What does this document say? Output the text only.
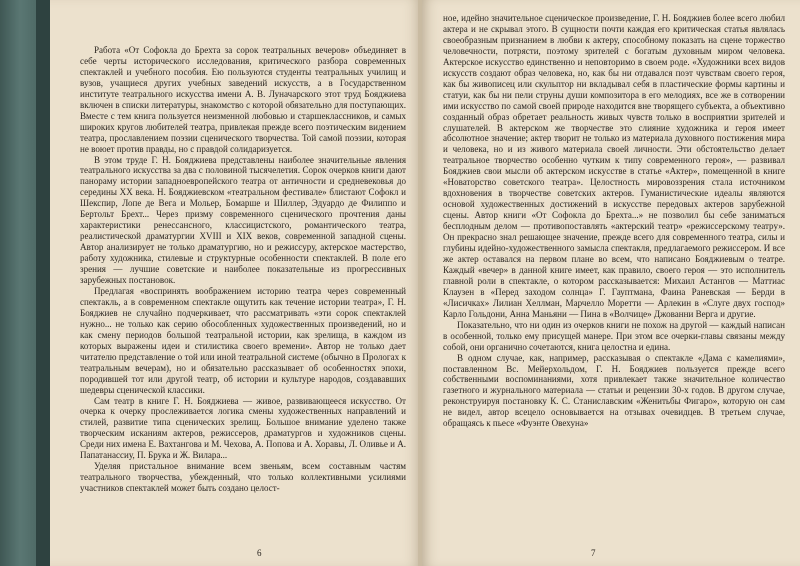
Работа «От Софокла до Брехта за сорок театральных вечеров» объединяет в себе черты исторического исследования, критического разбора современных спектаклей и учебного пособия. Ею пользуются студенты театральных училищ и вузов, учащиеся других учебных заведений искусств, а в Государственном институте театрального искусства имени А. В. Луначарского этот труд Бояджиева включен в списки литературы, знакомство с которой обязательно для поступающих. Вместе с тем книга пользуется неизменной любовью и старшеклассников, и самых широких кругов любителей театра, привлекая прежде всего поэтическим видением театра, прославлением поэзии сценического творчества. Той самой поэзии, которая не воюет против правды, но с правдой солидаризуется.

В этом труде Г. Н. Бояджиева представлены наиболее значительные явления театрального искусства за два с половиной тысячелетия. Сорок очерков книги дают панораму истории западноевропейского театра от античности и средневековья до середины XX века. Н. Бояджиевском «театральном фестивале» блистают Софокл и Шекспир, Лопе де Вега и Мольер, Бомарше и Шиллер, Эдуардо де Филиппо и Бертольт Брехт... Через призму современного сценического прочтения даны характеристики ренессансного, классицистского, романтического театра, реалистической драматургии XVIII и XIX веков, современной западной сцены. Автор анализирует не только драматургию, но и режиссуру, актерское мастерство, работу художника, стилевые и структурные особенности спектаклей. В поле его зрения — лучшие советские и наиболее показательные из прогрессивных зарубежных постановок.

Предлагая «воспринять воображением историю театра через современный спектакль, а в современном спектакле ощутить как течение истории театра», Г. Н. Бояджиев не случайно подчеркивает, что рассматривать «эти сорок спектаклей нужно... не только как серию обособленных художественных произведений, но и как смену периодов большой театральной истории, как зрелища, в каждом из которых выражены идеи и стилистика своего времени». Автор не только дает читателю представление о той или иной театральной системе (обычно в Прологах к театральным вечерам), но и обязательно рассказывает об особенностях эпохи, породившей тот или другой театр, об истории и культуре народов, создававших шедевры сценической классики.

Сам театр в книге Г. Н. Бояджиева — живое, развивающееся искусство. От очерка к очерку прослеживается логика смены художественных направлений и стилей, развитие типа сценических зрелищ. Большое внимание уделено также творческим исканиям актеров, режиссеров, драматургов и художников сцены. Среди них имена Е. Вахтангова и М. Чехова, А. Попова и А. Хоравы, Л. Оливье и А. Папатанассиу, П. Брука и Ж. Вилара...

Уделяя пристальное внимание всем звеньям, всем составным частям театрального творчества, убежденный, что только коллективными усилиями участников спектаклей может быть создано целост-

6

ное, идейно значительное сценическое произведение, Г. Н. Бояджиев более всего любил актера и не скрывал этого. В сущности почти каждая его критическая статья являлась своеобразным признанием в любви к актеру, способному показать на сцене торжество человечности, потрясти, поэтому зрителей с богатым духовным миром человека. Актерское искусство единственно и неповторимо в своем роде. «Художники всех видов искусств создают образ человека, но, как бы ни отдавался поэт чувствам своего героя, как бы живописец или скульптор ни вкладывал себя в пластические формы картины и статуи, как бы ни пели струны души композитора в его мелодиях, все же в сотворении ими искусство по самой своей природе находится вне творящего субъекта, а объективно созданный образ обретает реальность живых чувств только в восприятии зрителей и слушателей. В актерском же творчестве это слияние художника и героя имеет абсолютное значение; актер творит не только из материала духовного постижения мира и человека, но и из живого материала своей личности. Эти обстоятельство делает театральное творчество особенно чутким к типу современного героя», — развивал Бояджиев свои мысли об актерском искусстве в статье «Актер», помещенной в книге «Новаторство советского театра». Целостность мировоззрения стала источником вдохновения в творчестве советских актеров. Гуманистические идеалы являются основой художественных достижений в искусстве передовых актеров зарубежной сцены. Автор книги «От Софокла до Брехта...» не позволил бы себе заниматься бесплодным делом — противопоставлять «актерский театр» «режиссерскому театру». Он прекрасно знал решающее значение, прежде всего для современного театра, силы и глубины идейно-художественного замысла спектакля, предлагаемого режиссером. И все же актер оставался на первом плане во всем, что написано Бояджиевым о театре. Каждый «вечер» в данной книге имеет, как правило, своего героя — это исполнитель главной роли в спектакле, о котором рассказывается: Михаил Астангов — Маттиас Клаузен в «Перед заходом солнца» Г. Гауптмана, Фаина Раневская — Берди в «Лисичках» Лилиан Хеллман, Марчелло Моретти — Арлекин в «Слуге двух господ» Карло Гольдони, Анна Маньяни — Пина в «Волчице» Джованни Верга и другие.

Показательно, что ни один из очерков книги не похож на другой — каждый написан в особенной, только ему присущей манере. При этом все очерки-главы связаны между собой, они органично сочетаются, книга целостна и едина.

В одном случае, как, например, рассказывая о спектакле «Дама с камелиями», поставленном Вс. Мейерхольдом, Г. Н. Бояджиев пользуется прежде всего собственными воспоминаниями, хотя привлекает также значительное количество газетного и журнального материала — статьи и рецензии 30-х годов. В другом случае, реконструируя постановку К. С. Станиславским «Женитьбы Фигаро», которую он сам не видел, автор всецело основывается на отзывах очевидцев. В третьем случае, обращаясь к пьесе «Фуэнте Овехуна»

7
